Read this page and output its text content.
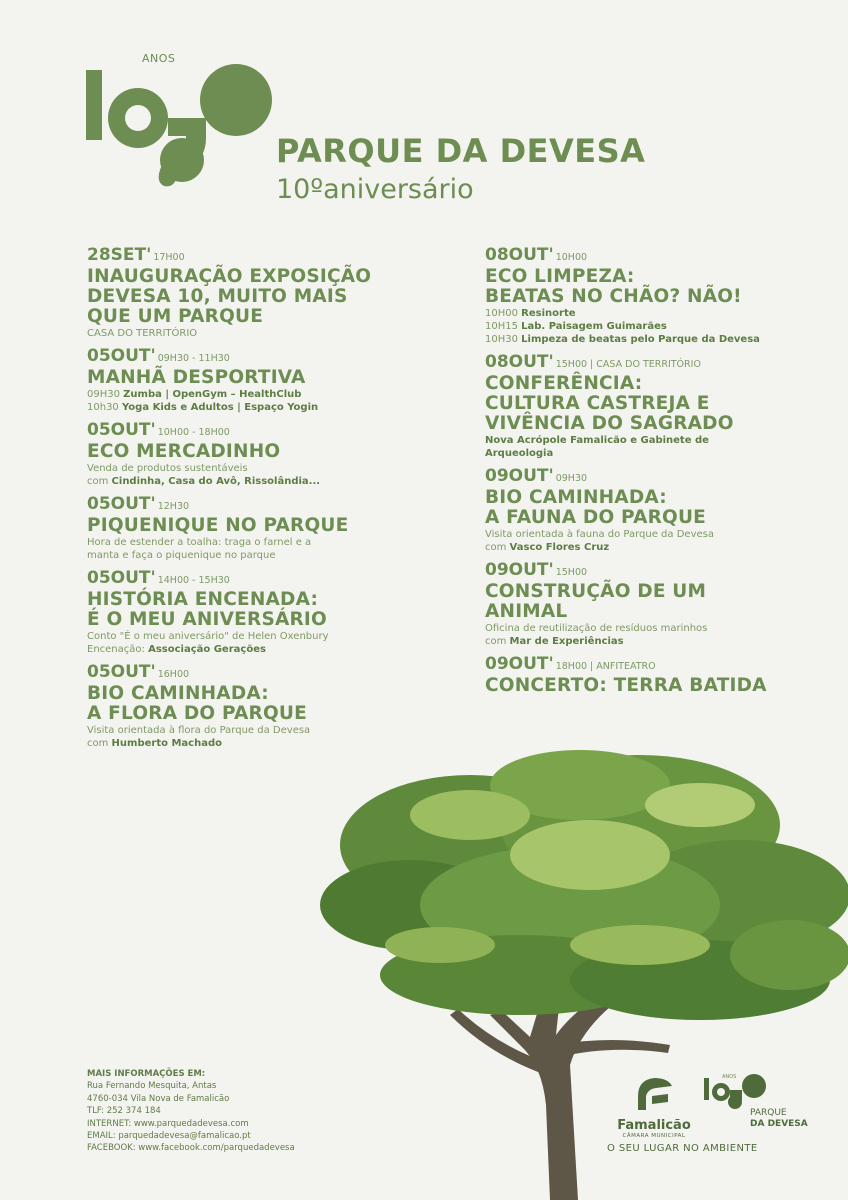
ANOS
PARQUE DA DEVESA
10ºaniversário
28SET' 17H00
INAUGURAÇÃO EXPOSIÇÃO
DEVESA 10, MUITO MAIS
QUE UM PARQUE
CASA DO TERRITÓRIO
05OUT' 09H30 - 11H30
MANHÃ DESPORTIVA
09H30 Zumba | OpenGym – HealthClub
10h30 Yoga Kids e Adultos | Espaço Yogin
05OUT' 10H00 - 18H00
ECO MERCADINHO
Venda de produtos sustentáveis
com Cindinha, Casa do Avô, Rissolândia...
05OUT' 12H30
PIQUENIQUE NO PARQUE
Hora de estender a toalha: traga o farnel e a
manta e faça o piquenique no parque
05OUT' 14H00 - 15H30
HISTÓRIA ENCENADA:
É O MEU ANIVERSÁRIO
Conto "É o meu aniversário" de Helen Oxenbury
Encenação: Associação Gerações
05OUT' 16H00
BIO CAMINHADA:
A FLORA DO PARQUE
Visita orientada à flora do Parque da Devesa
com Humberto Machado
08OUT' 10H00
ECO LIMPEZA:
BEATAS NO CHÃO? NÃO!
10H00 Resinorte
10H15 Lab. Paisagem Guimarães
10H30 Limpeza de beatas pelo Parque da Devesa
08OUT' 15H00 | CASA DO TERRITÓRIO
CONFERÊNCIA:
CULTURA CASTREJA E
VIVÊNCIA DO SAGRADO
Nova Acrópole Famalicão e Gabinete de
Arqueologia
09OUT' 09H30
BIO CAMINHADA:
A FAUNA DO PARQUE
Visita orientada à fauna do Parque da Devesa
com Vasco Flores Cruz
09OUT' 15H00
CONSTRUÇÃO DE UM
ANIMAL
Oficina de reutilização de resíduos marinhos
com Mar de Experiências
09OUT' 18H00 | ANFITEATRO
CONCERTO: TERRA BATIDA
MAIS INFORMAÇÕES EM:
Rua Fernando Mesquita, Antas
4760-034 Vila Nova de Famalicão
TLF: 252 374 184
INTERNET: www.parquedadevesa.com
EMAIL: parquedadevesa@famalicao.pt
FACEBOOK: www.facebook.com/parquedadevesa
Famalicão
CÂMARA MUNICIPAL
O SEU LUGAR NO AMBIENTE
ANOS
PARQUE
DA DEVESA
